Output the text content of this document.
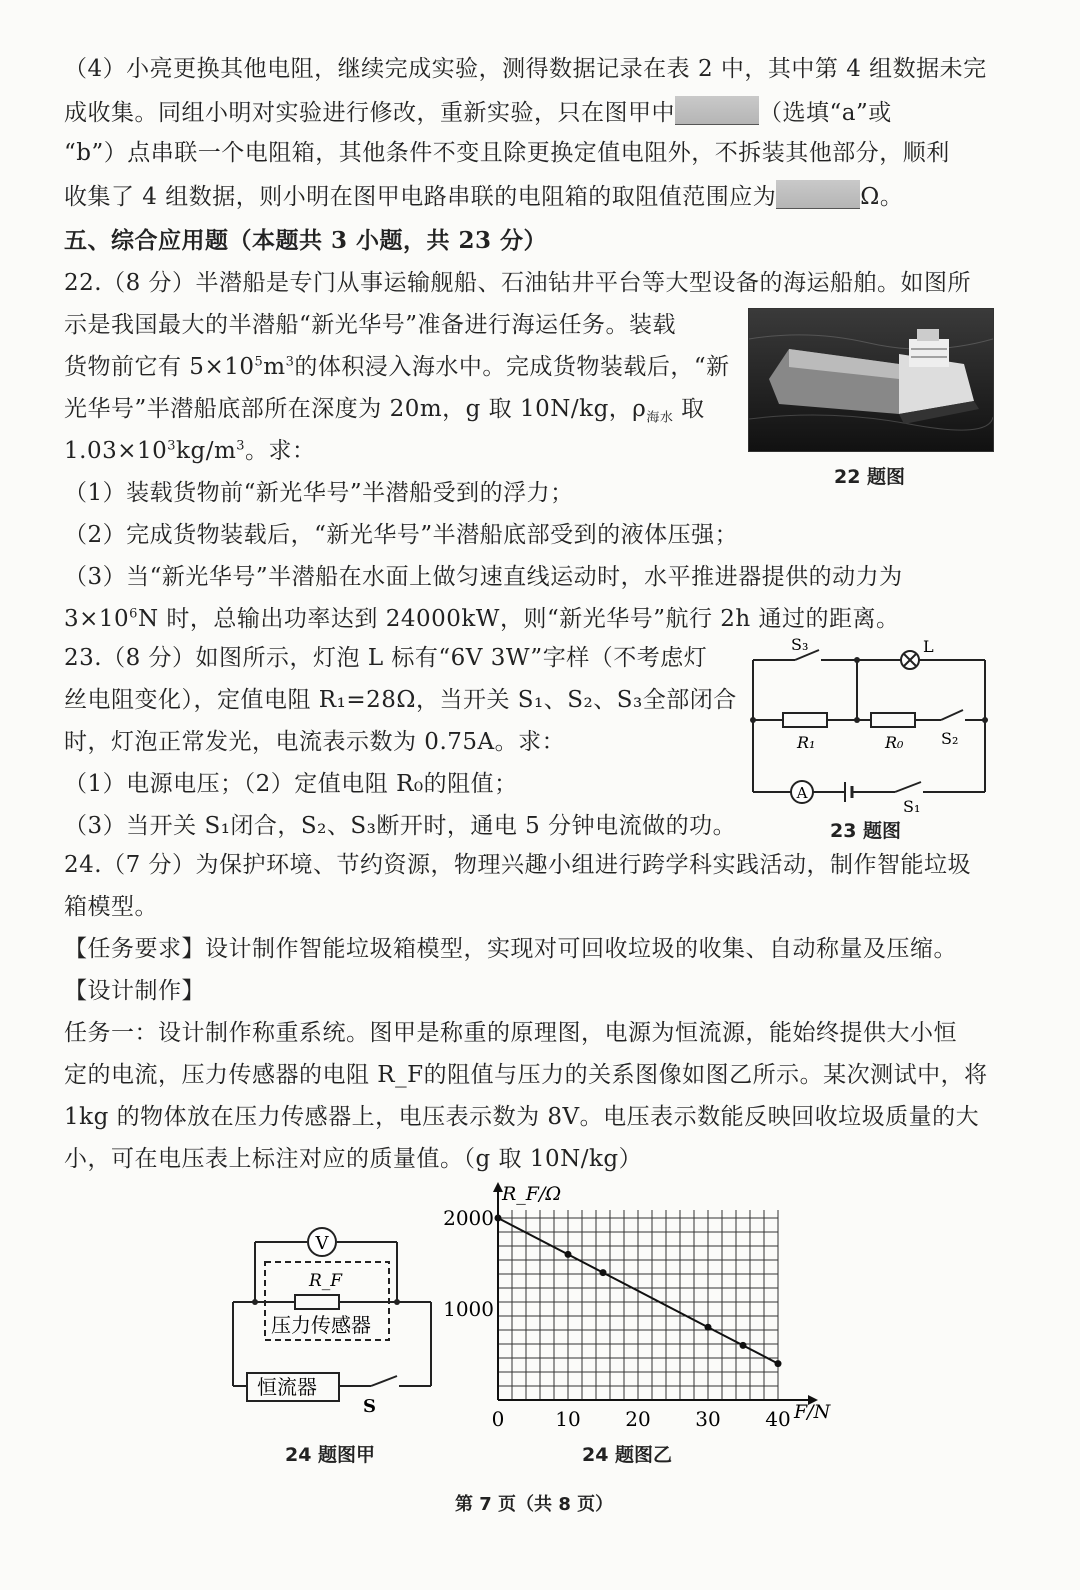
（4）小亮更换其他电阻，继续完成实验，测得数据记录在表 2 中，其中第 4 组数据未完
成收集。同组小明对实验进行修改，重新实验，只在图甲中	（选填“a”或
“b”）点串联一个电阻箱，其他条件不变且除更换定值电阻外，不拆装其他部分，顺利
收集了 4 组数据，则小明在图甲电路串联的电阻箱的取阻值范围应为	Ω。
五、综合应用题（本题共 3 小题，共 23 分）
22.（8 分）半潜船是专门从事运输舰船、石油钻井平台等大型设备的海运船舶。如图所
示是我国最大的半潜船“新光华号”准备进行海运任务。装载
货物前它有 $5\times 10^5m^3$的体积浸入海水中。完成货物装载后，“新
光华号”半潜船底部所在深度为 20m，g 取 10N/kg，$\rho_{海水}$ 取
$1.03\times 10^3kg/m^3$。求：
22 题图
（1）装载货物前“新光华号”半潜船受到的浮力；
（2）完成货物装载后，“新光华号”半潜船底部受到的液体压强；
（3）当“新光华号”半潜船在水面上做匀速直线运动时，水平推进器提供的动力为
$3\times 10^6N$ 时，总输出功率达到 24000kW，则“新光华号”航行 2h 通过的距离。
23.（8 分）如图所示，灯泡 L 标有“6V 3W”字样（不考虑灯
丝电阻变化），定值电阻 R₁=28Ω，当开关 S₁、S₂、S₃全部闭合
时，灯泡正常发光，电流表示数为 0.75A。求：
（1）电源电压；（2）定值电阻 R₀的阻值；
（3）当开关 S₁闭合，S₂、S₃断开时，通电 5 分钟电流做的功。
A
S₃	L
R₁	R₀ S₂
S₁
23 题图
24.（7 分）为保护环境、节约资源，物理兴趣小组进行跨学科实践活动，制作智能垃圾
箱模型。
【任务要求】设计制作智能垃圾箱模型，实现对可回收垃圾的收集、自动称量及压缩。
【设计制作】
任务一：设计制作称重系统。图甲是称重的原理图，电源为恒流源，能始终提供大小恒
定的电流，压力传感器的电阻 R_F的阻值与压力的关系图像如图乙所示。某次测试中，将
1kg 的物体放在压力传感器上，电压表示数为 8V。电压表示数能反映回收垃圾质量的大
小，可在电压表上标注对应的质量值。（g 取 10N/kg）
V
R_F
压力传感器
恒流器
S
24 题图甲
0	10 20 30 40
1000
2000
R_F/Ω
F/N
24 题图乙
第 7 页（共 8 页）
